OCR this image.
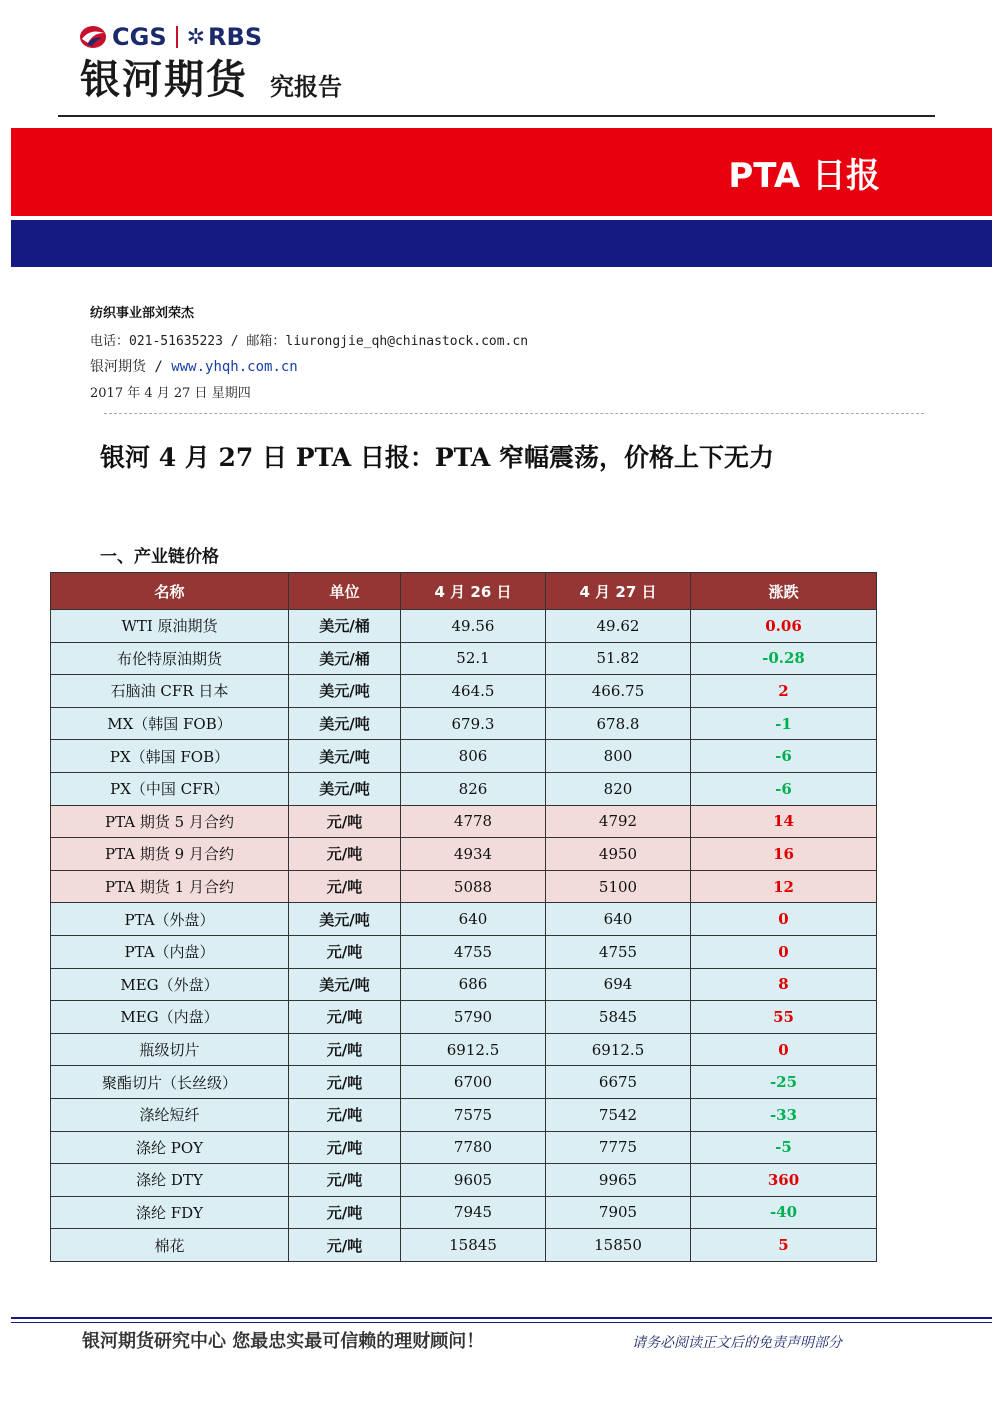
CGS ✲ RBS
银河期货 究报告
PTA 日报
纺织事业部刘荣杰
电话：021-51635223 / 邮箱：liurongjie_qh@chinastock.com.cn
银河期货 / www.yhqh.com.cn
2017 年 4 月 27 日 星期四
银河 4 月 27 日 PTA 日报：PTA 窄幅震荡，价格上下无力
一、产业链价格
名称	单位	4 月 26 日	4 月 27 日	涨跌
WTI 原油期货	美元/桶	49.56	49.62	0.06
布伦特原油期货	美元/桶	52.1	51.82	-0.28
石脑油 CFR 日本	美元/吨	464.5	466.75	2
MX（韩国 FOB）	美元/吨	679.3	678.8	-1
PX（韩国 FOB）	美元/吨	806	800	-6
PX（中国 CFR）	美元/吨	826	820	-6
PTA 期货 5 月合约	元/吨	4778	4792	14
PTA 期货 9 月合约	元/吨	4934	4950	16
PTA 期货 1 月合约	元/吨	5088	5100	12
PTA（外盘）	美元/吨	640	640	0
PTA（内盘）	元/吨	4755	4755	0
MEG（外盘）	美元/吨	686	694	8
MEG（内盘）	元/吨	5790	5845	55
瓶级切片	元/吨	6912.5	6912.5	0
聚酯切片（长丝级）	元/吨	6700	6675	-25
涤纶短纤	元/吨	7575	7542	-33
涤纶 POY	元/吨	7780	7775	-5
涤纶 DTY	元/吨	9605	9965	360
涤纶 FDY	元/吨	7945	7905	-40
棉花	元/吨	15845	15850	5
银河期货研究中心 您最忠实最可信赖的理财顾问！	请务必阅读正文后的免责声明部分
